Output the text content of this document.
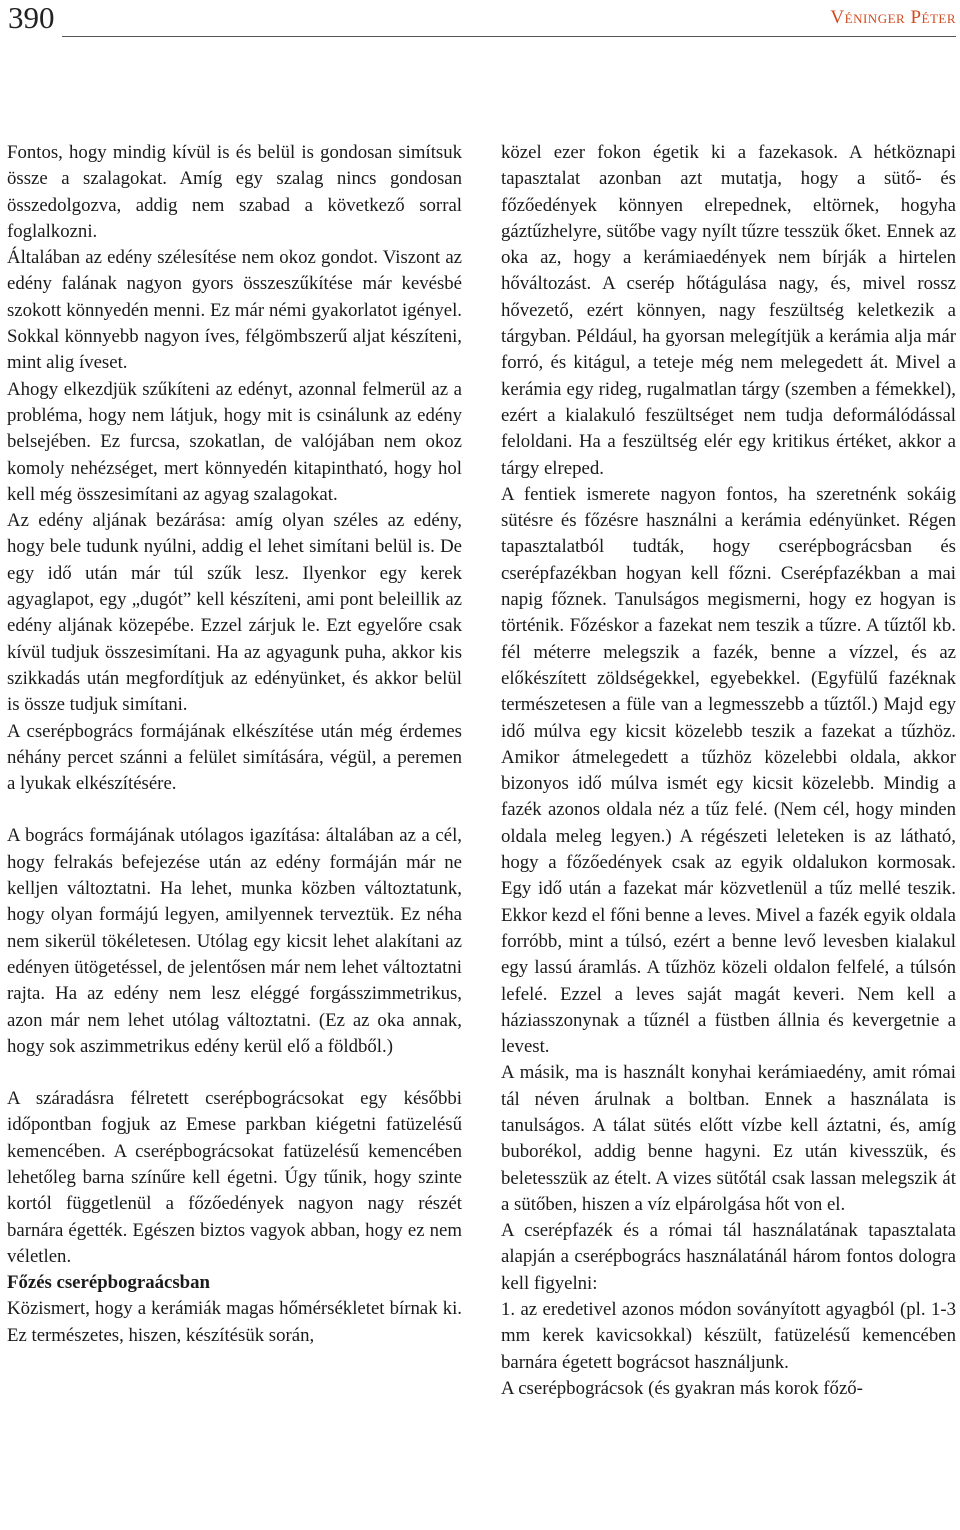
390	Véninger Péter

Fontos, hogy mindig kívül is és belül is gondosan simítsuk össze a szalagokat. Amíg egy szalag nincs gondosan összedolgozva, addig nem szabad a következő sorral foglalkozni.

Általában az edény szélesítése nem okoz gondot. Viszont az edény falának nagyon gyors összeszűkítése már kevésbé szokott könnyedén menni. Ez már némi gyakorlatot igényel. Sokkal könnyebb nagyon íves, félgömbszerű aljat készíteni, mint alig íveset.

Ahogy elkezdjük szűkíteni az edényt, azonnal felmerül az a probléma, hogy nem látjuk, hogy mit is csinálunk az edény belsejében. Ez furcsa, szokatlan, de valójában nem okoz komoly nehézséget, mert könnyedén kitapintható, hogy hol kell még összesimítani az agyag szalagokat.

Az edény aljának bezárása: amíg olyan széles az edény, hogy bele tudunk nyúlni, addig el lehet simítani belül is. De egy idő után már túl szűk lesz. Ilyenkor egy kerek agyaglapot, egy „dugót” kell készíteni, ami pont beleillik az edény aljának közepébe. Ezzel zárjuk le. Ezt egyelőre csak kívül tudjuk összesimítani. Ha az agyagunk puha, akkor kis szikkadás után megfordítjuk az edényünket, és akkor belül is össze tudjuk simítani.

A cserépbogrács formájának elkészítése után még érdemes néhány percet szánni a felület simítására, végül, a peremen a lyukak elkészítésére.

A bogrács formájának utólagos igazítása: általában az a cél, hogy felrakás befejezése után az edény formáján már ne kelljen változtatni. Ha lehet, munka közben változtatunk, hogy olyan formájú legyen, amilyennek terveztük. Ez néha nem sikerül tökéletesen. Utólag egy kicsit lehet alakítani az edényen ütögetéssel, de jelentősen már nem lehet változtatni rajta. Ha az edény nem lesz eléggé forgásszimmetrikus, azon már nem lehet utólag változtatni. (Ez az oka annak, hogy sok aszimmetrikus edény kerül elő a földből.)

A száradásra félretett cserépbográcsokat egy későbbi időpontban fogjuk az Emese parkban kiégetni fatüzelésű kemencében. A cserépbográcsokat fatüzelésű kemencében lehetőleg barna színűre kell égetni. Úgy tűnik, hogy szinte kortól függetlenül a főzőedények nagyon nagy részét barnára égették. Egészen biztos vagyok abban, hogy ez nem véletlen.

Főzés cserépbograácsban

Közismert, hogy a kerámiák magas hőmérsékletet bírnak ki. Ez természetes, hiszen, készítésük során,

közel ezer fokon égetik ki a fazekasok. A hétköznapi tapasztalat azonban azt mutatja, hogy a sütő- és főzőedények könnyen elrepednek, eltörnek, hogyha gáztűzhelyre, sütőbe vagy nyílt tűzre tesszük őket. Ennek az oka az, hogy a kerámiaedények nem bírják a hirtelen hőváltozást. A cserép hőtágulása nagy, és, mivel rossz hővezető, ezért könnyen, nagy feszültség keletkezik a tárgyban. Például, ha gyorsan melegítjük a kerámia alja már forró, és kitágul, a teteje még nem melegedett át. Mivel a kerámia egy rideg, rugalmatlan tárgy (szemben a fémekkel), ezért a kialakuló feszültséget nem tudja deformálódással feloldani. Ha a feszültség elér egy kritikus értéket, akkor a tárgy elreped.

A fentiek ismerete nagyon fontos, ha szeretnénk sokáig sütésre és főzésre használni a kerámia edényünket. Régen tapasztalatból tudták, hogy cserépbográcsban és cserépfazékban hogyan kell főzni. Cserépfazékban a mai napig főznek. Tanulságos megismerni, hogy ez hogyan is történik. Főzéskor a fazekat nem teszik a tűzre. A tűztől kb. fél méterre melegszik a fazék, benne a vízzel, és az előkészített zöldségekkel, egyebekkel. (Egyfülű fazéknak természetesen a füle van a legmesszebb a tűztől.) Majd egy idő múlva egy kicsit közelebb teszik a fazekat a tűzhöz. Amikor átmelegedett a tűzhöz közelebbi oldala, akkor bizonyos idő múlva ismét egy kicsit közelebb. Mindig a fazék azonos oldala néz a tűz felé. (Nem cél, hogy minden oldala meleg legyen.) A régészeti leleteken is az látható, hogy a főzőedények csak az egyik oldalukon kormosak. Egy idő után a fazekat már közvetlenül a tűz mellé teszik. Ekkor kezd el főni benne a leves. Mivel a fazék egyik oldala forróbb, mint a túlsó, ezért a benne levő levesben kialakul egy lassú áramlás. A tűzhöz közeli oldalon felfelé, a túlsón lefelé. Ezzel a leves saját magát keveri. Nem kell a háziasszonynak a tűznél a füstben állnia és kevergetnie a levest.

A másik, ma is használt konyhai kerámiaedény, amit római tál néven árulnak a boltban. Ennek a használata is tanulságos. A tálat sütés előtt vízbe kell áztatni, és, amíg buborékol, addig benne hagyni. Ez után kivesszük, és beletesszük az ételt. A vizes sütőtál csak lassan melegszik át a sütőben, hiszen a víz elpárolgása hőt von el.

A cserépfazék és a római tál használatának tapasztalata alapján a cserépbogrács használatánál három fontos dologra kell figyelni:

1. az eredetivel azonos módon soványított agyagból (pl. 1-3 mm kerek kavicsokkal) készült, fatüzelésű kemencében barnára égetett bográcsot használjunk.

A cserépbográcsok (és gyakran más korok főző-
